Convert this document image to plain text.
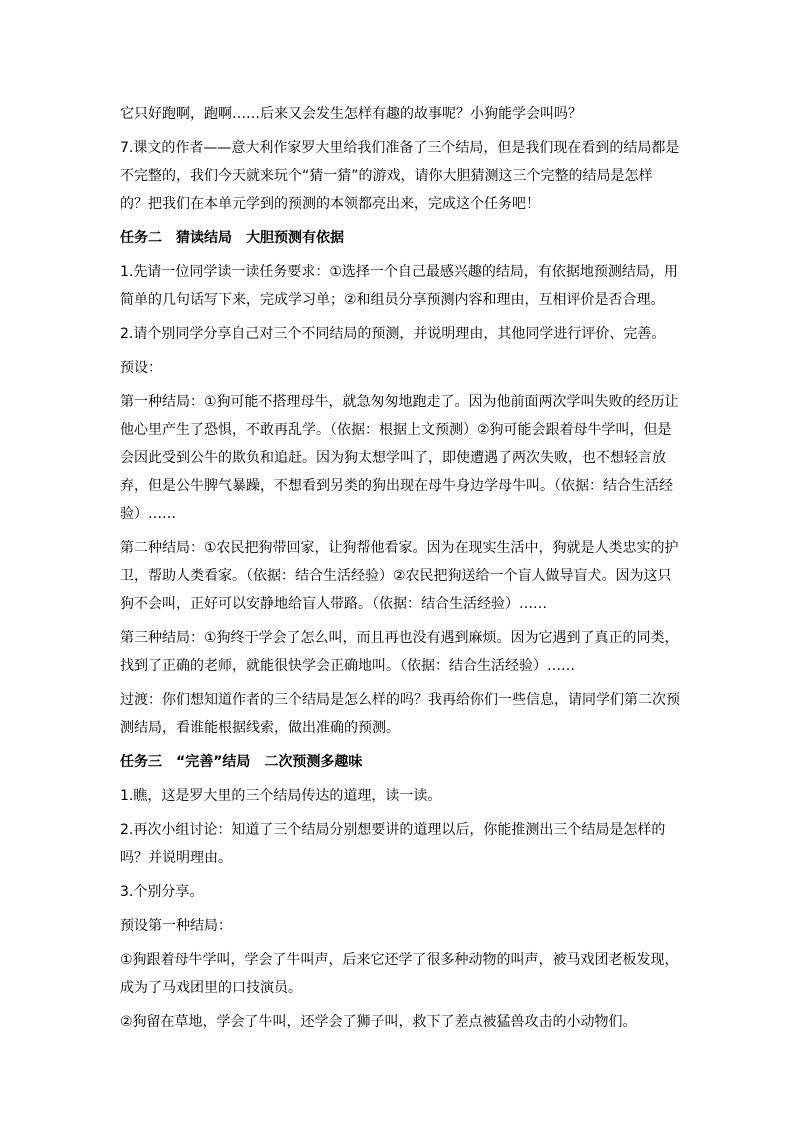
它只好跑啊，跑啊……后来又会发生怎样有趣的故事呢？小狗能学会叫吗？

7.课文的作者——意大利作家罗大里给我们准备了三个结局，但是我们现在看到的结局都是不完整的，我们今天就来玩个“猜一猜”的游戏，请你大胆猜测这三个完整的结局是怎样的？把我们在本单元学到的预测的本领都亮出来，完成这个任务吧！

任务二　猜读结局　大胆预测有依据

1.先请一位同学读一读任务要求：①选择一个自己最感兴趣的结局，有依据地预测结局，用简单的几句话写下来，完成学习单；②和组员分享预测内容和理由，互相评价是否合理。

2.请个别同学分享自己对三个不同结局的预测，并说明理由，其他同学进行评价、完善。

预设：

第一种结局：①狗可能不搭理母牛，就急匆匆地跑走了。因为他前面两次学叫失败的经历让他心里产生了恐惧，不敢再乱学。（依据：根据上文预测）②狗可能会跟着母牛学叫，但是会因此受到公牛的欺负和追赶。因为狗太想学叫了，即使遭遇了两次失败，也不想轻言放弃，但是公牛脾气暴躁，不想看到另类的狗出现在母牛身边学母牛叫。（依据：结合生活经验）……

第二种结局：①农民把狗带回家，让狗帮他看家。因为在现实生活中，狗就是人类忠实的护卫，帮助人类看家。（依据：结合生活经验）②农民把狗送给一个盲人做导盲犬。因为这只狗不会叫，正好可以安静地给盲人带路。（依据：结合生活经验）……

第三种结局：①狗终于学会了怎么叫，而且再也没有遇到麻烦。因为它遇到了真正的同类，找到了正确的老师，就能很快学会正确地叫。（依据：结合生活经验）……

过渡：你们想知道作者的三个结局是怎么样的吗？我再给你们一些信息，请同学们第二次预测结局，看谁能根据线索，做出准确的预测。

任务三　“完善”结局　二次预测多趣味

1.瞧，这是罗大里的三个结局传达的道理，读一读。

2.再次小组讨论：知道了三个结局分别想要讲的道理以后，你能推测出三个结局是怎样的吗？并说明理由。

3.个别分享。

预设第一种结局：

①狗跟着母牛学叫，学会了牛叫声，后来它还学了很多种动物的叫声，被马戏团老板发现，成为了马戏团里的口技演员。

②狗留在草地，学会了牛叫，还学会了狮子叫，救下了差点被猛兽攻击的小动物们。
